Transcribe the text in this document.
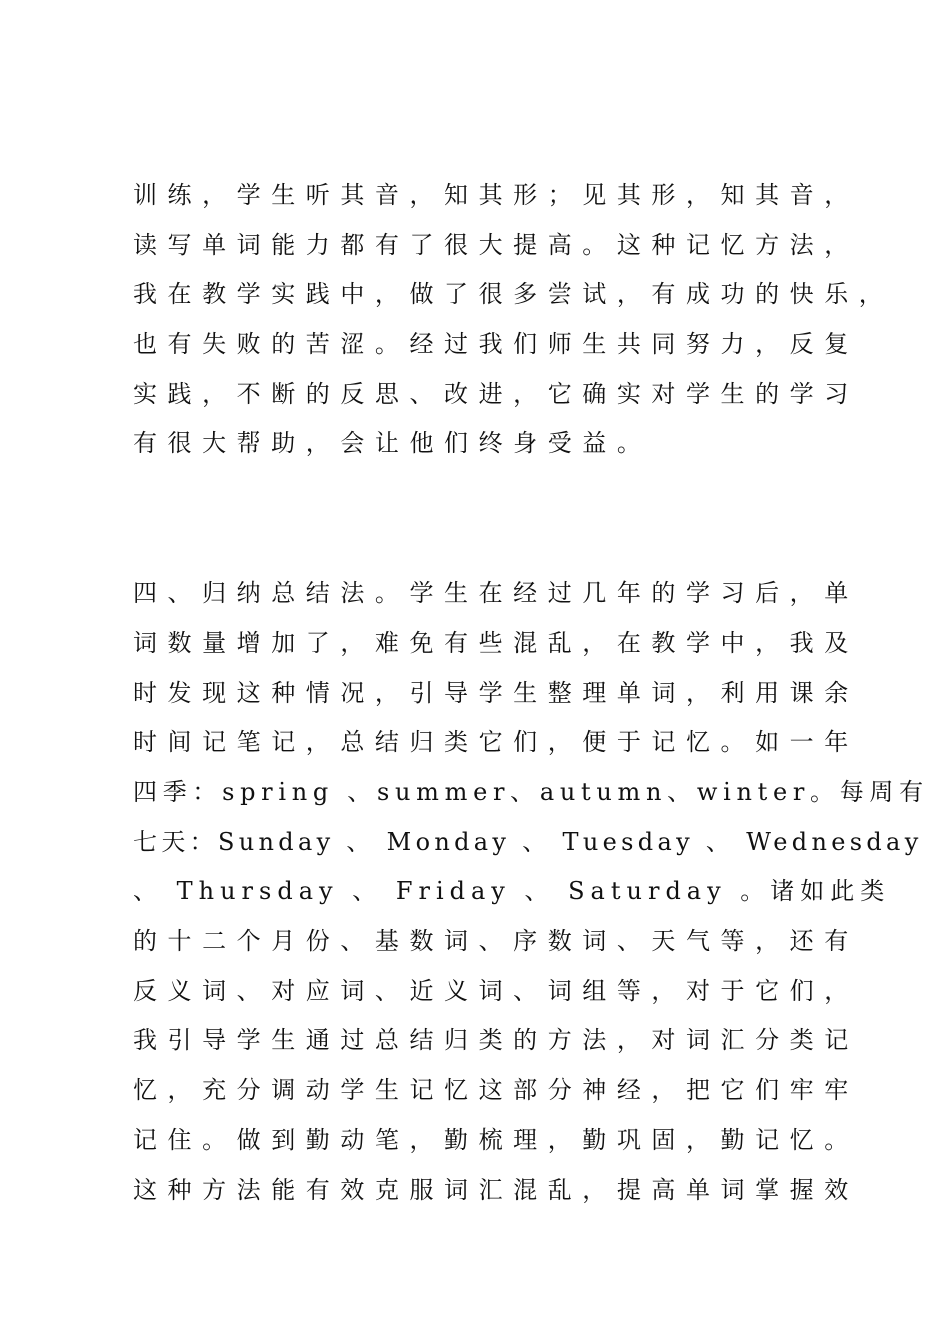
训练，学生听其音，知其形；见其形，知其音，
读写单词能力都有了很大提高。这种记忆方法，
我在教学实践中，做了很多尝试，有成功的快乐，
也有失败的苦涩。经过我们师生共同努力，反复
实践，不断的反思、改进，它确实对学生的学习
有很大帮助，会让他们终身受益。
四、归纳总结法。学生在经过几年的学习后，单
词数量增加了，难免有些混乱，在教学中，我及
时发现这种情况，引导学生整理单词，利用课余
时间记笔记，总结归类它们，便于记忆。如一年
四季：spring 、summer、autumn、winter。每周有
七天：Sunday 、 Monday 、 Tuesday 、 Wednesday
、 Thursday 、 Friday 、 Saturday 。诸如此类
的十二个月份、基数词、序数词、天气等，还有
反义词、对应词、近义词、词组等，对于它们，
我引导学生通过总结归类的方法，对词汇分类记
忆，充分调动学生记忆这部分神经，把它们牢牢
记住。做到勤动笔，勤梳理，勤巩固，勤记忆。
这种方法能有效克服词汇混乱，提高单词掌握效
